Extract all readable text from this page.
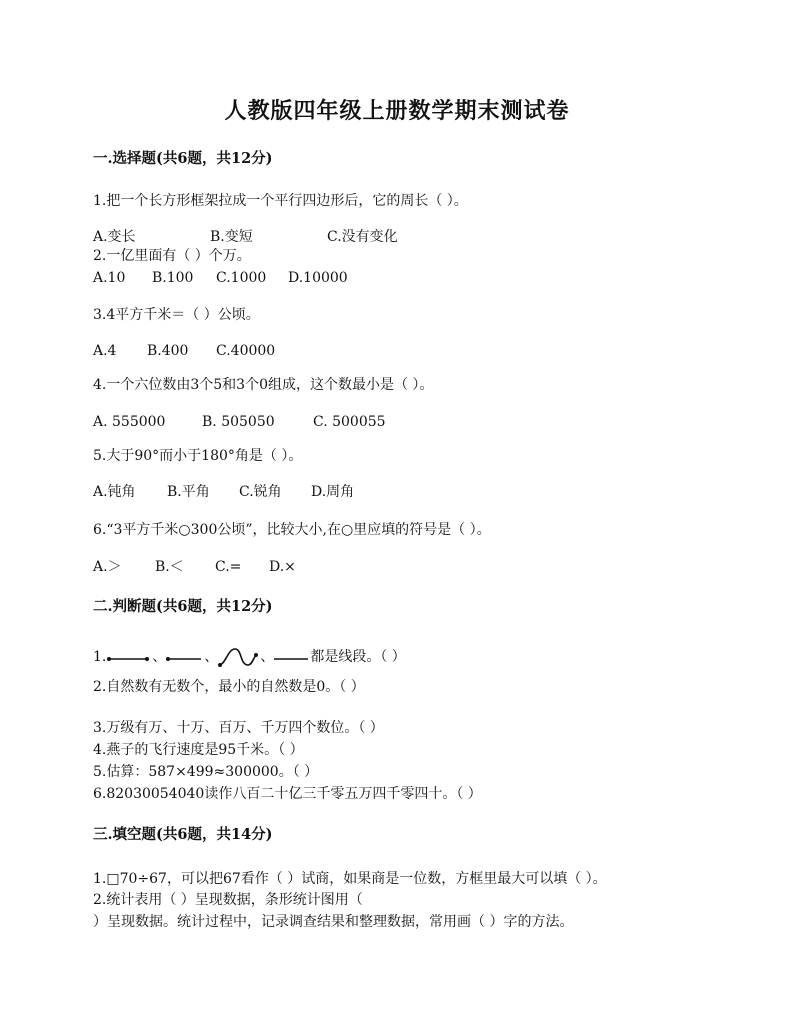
人教版四年级上册数学期末测试卷
一.选择题(共6题，共12分)
1.把一个长方形框架拉成一个平行四边形后，它的周长（ ）。
A.变长	B.变短	C.没有变化
2.一亿里面有（ ）个万。
A.10 B.100 C.1000 D.10000
3.4平方千米＝（ ）公顷。
A.4 B.400 C.40000
4.一个六位数由3个5和3个0组成，这个数最小是（ ）。
A. 555000	B. 505050	C. 500055
5.大于90°而小于180°角是（ ）。
A.钝角 B.平角 C.锐角 D.周角
6.“3平方千米○300公顷”，比较大小,在○里应填的符号是（ ）。
A.＞ B.＜ C.= D.×
二.判断题(共6题，共12分)
1.	、	、	、	都是线段。（ ）
2.自然数有无数个，最小的自然数是0。（ ）
3.万级有万、十万、百万、千万四个数位。（ ）
4.燕子的飞行速度是95千米。（ ）
5.估算：587×499≈300000。（ ）
6.82030054040读作八百二十亿三千零五万四千零四十。（ ）
三.填空题(共6题，共14分)
1.□70÷67，可以把67看作（ ）试商，如果商是一位数，方框里最大可以填（ ）。
2.统计表用（ ）呈现数据，条形统计图用（
）呈现数据。统计过程中，记录调查结果和整理数据，常用画（ ）字的方法。
